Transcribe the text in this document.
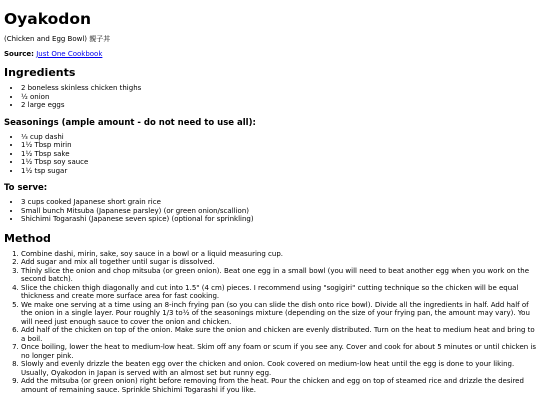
Oyakodon

(Chicken and Egg Bowl) 親子丼

Source: Just One Cookbook

Ingredients
• 2 boneless skinless chicken thighs
• ½ onion
• 2 large eggs
Seasonings (ample amount - do not need to use all):
• ⅓ cup dashi
• 1½ Tbsp mirin
• 1½ Tbsp sake
• 1½ Tbsp soy sauce
• 1½ tsp sugar
To serve:
• 3 cups cooked Japanese short grain rice
• Small bunch Mitsuba (Japanese parsley) (or green onion/scallion)
• Shichimi Togarashi (Japanese seven spice) (optional for sprinkling)
Method
1. Combine dashi, mirin, sake, soy sauce in a bowl or a liquid measuring cup.
2. Add sugar and mix all together until sugar is dissolved.
3. Thinly slice the onion and chop mitsuba (or green onion). Beat one egg in a small bowl (you will need to beat another egg when you work on the second batch).
4. Slice the chicken thigh diagonally and cut into 1.5" (4 cm) pieces. I recommend using "sogigiri" cutting technique so the chicken will be equal thickness and create more surface area for fast cooking.
5. We make one serving at a time using an 8-inch frying pan (so you can slide the dish onto rice bowl). Divide all the ingredients in half. Add half of the onion in a single layer. Pour roughly 1/3 to½ of the seasonings mixture (depending on the size of your frying pan, the amount may vary). You will need just enough sauce to cover the onion and chicken.
6. Add half of the chicken on top of the onion. Make sure the onion and chicken are evenly distributed. Turn on the heat to medium heat and bring to a boil.
7. Once boiling, lower the heat to medium-low heat. Skim off any foam or scum if you see any. Cover and cook for about 5 minutes or until chicken is no longer pink.
8. Slowly and evenly drizzle the beaten egg over the chicken and onion. Cook covered on medium-low heat until the egg is done to your liking. Usually, Oyakodon in Japan is served with an almost set but runny egg.
9. Add the mitsuba (or green onion) right before removing from the heat. Pour the chicken and egg on top of steamed rice and drizzle the desired amount of remaining sauce. Sprinkle Shichimi Togarashi if you like.
